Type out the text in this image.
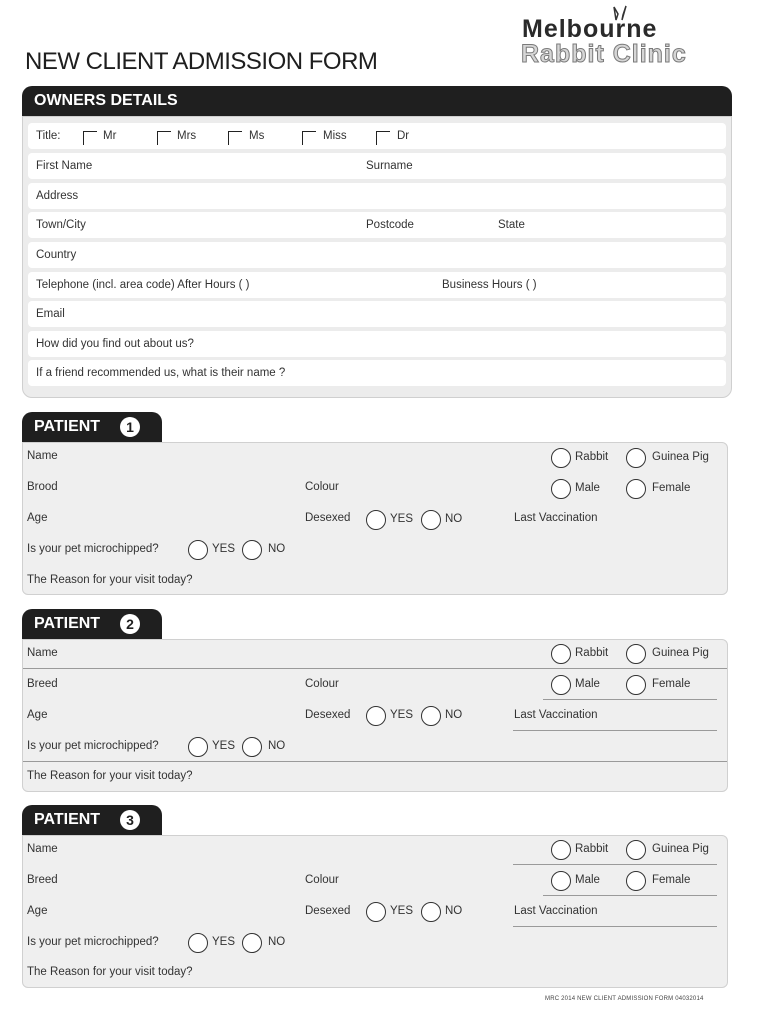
NEW CLIENT ADMISSION FORM
Melbourne
Rabbit Clinic
OWNERS DETAILS
Title:	Mr	Mrs	Ms	Miss	Dr
First Name	Surname
Address
Town/City	Postcode	State
Country
Telephone (incl. area code) After Hours ( )	Business Hours ( )
Email
How did you find out about us?
If a friend recommended us, what is their name ?
PATIENT	1
Name	Rabbit	Guinea Pig
Brood	Colour	Male	Female
Age	Desexed	YES	NO	Last Vaccination
Is your pet microchipped?	YES	NO
The Reason for your visit today?
PATIENT	2
Name	Rabbit	Guinea Pig
Breed	Colour	Male	Female
Age	Desexed	YES	NO	Last Vaccination
Is your pet microchipped?	YES	NO
The Reason for your visit today?
PATIENT	3
Name	Rabbit	Guinea Pig
Breed	Colour	Male	Female
Age	Desexed	YES	NO	Last Vaccination
Is your pet microchipped?	YES	NO
The Reason for your visit today?
MRC 2014 NEW CLIENT ADMISSION FORM 04032014
